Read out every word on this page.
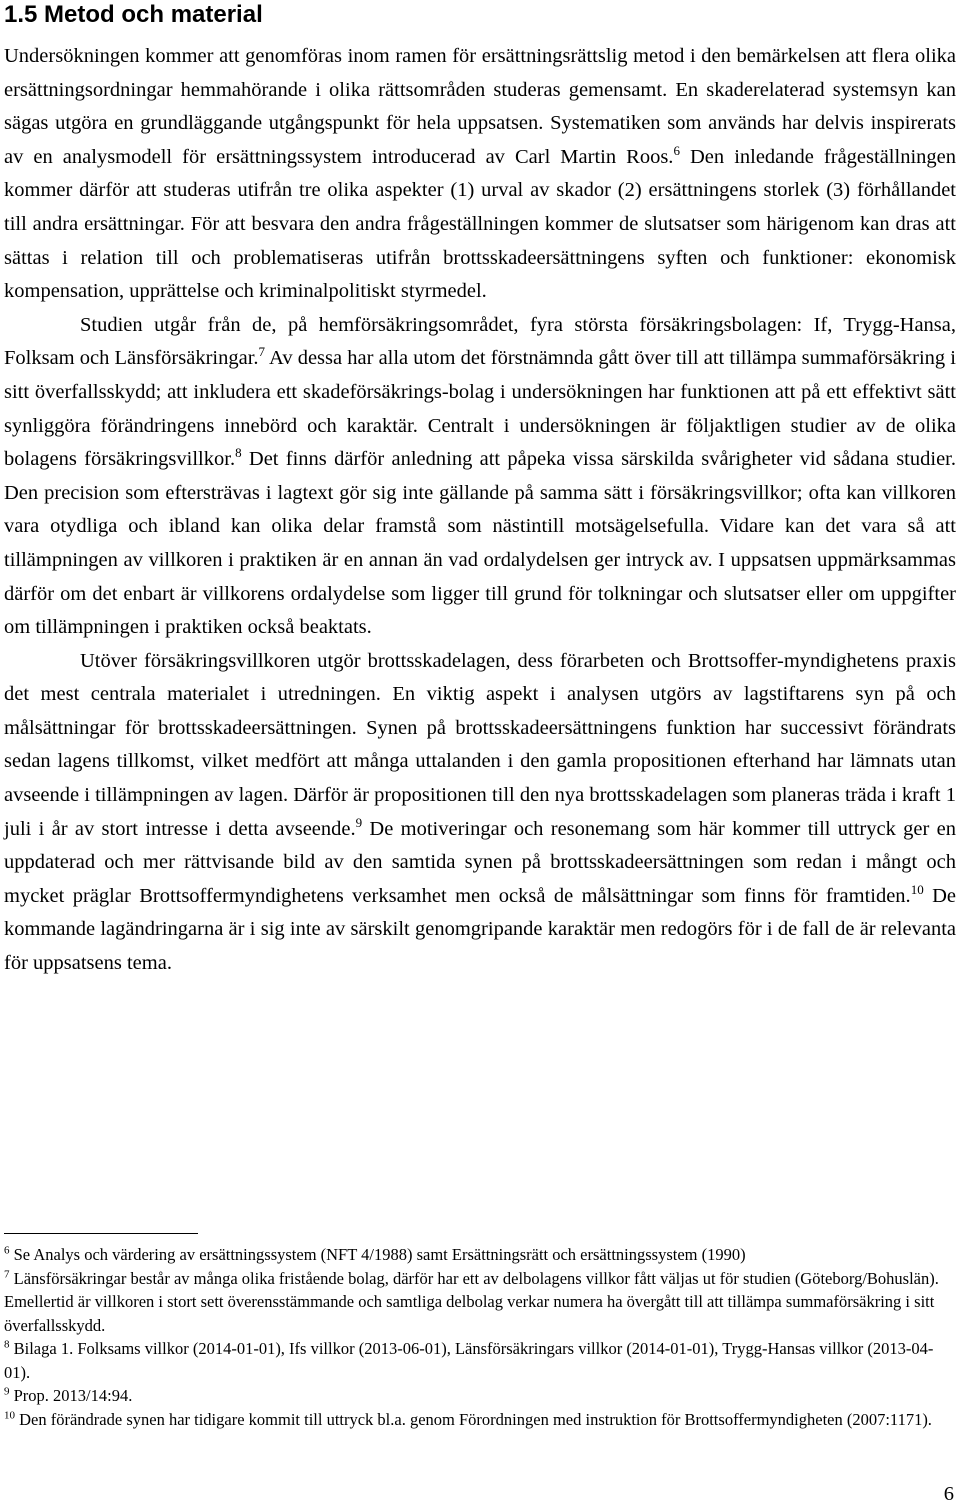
1.5 Metod och material

Undersökningen kommer att genomföras inom ramen för ersättningsrättslig metod i den bemärkelsen att flera olika ersättningsordningar hemmahörande i olika rättsområden studeras gemensamt. En skaderelaterad systemsyn kan sägas utgöra en grundläggande utgångspunkt för hela uppsatsen. Systematiken som används har delvis inspirerats av en analysmodell för ersättningssystem introducerad av Carl Martin Roos.$^6$ Den inledande frågeställningen kommer därför att studeras utifrån tre olika aspekter (1) urval av skador (2) ersättningens storlek (3) förhållandet till andra ersättningar. För att besvara den andra frågeställningen kommer de slutsatser som härigenom kan dras att sättas i relation till och problematiseras utifrån brottsskadeersättningens syften och funktioner: ekonomisk kompensation, upprättelse och kriminalpolitiskt styrmedel.

Studien utgår från de, på hemförsäkringsområdet, fyra största försäkringsbolagen: If, Trygg-Hansa, Folksam och Länsförsäkringar.$^7$ Av dessa har alla utom det förstnämnda gått över till att tillämpa summaförsäkring i sitt överfallsskydd; att inkludera ett skadeförsäkrings-bolag i undersökningen har funktionen att på ett effektivt sätt synliggöra förändringens innebörd och karaktär. Centralt i undersökningen är följaktligen studier av de olika bolagens försäkringsvillkor.$^8$ Det finns därför anledning att påpeka vissa särskilda svårigheter vid sådana studier. Den precision som eftersträvas i lagtext gör sig inte gällande på samma sätt i försäkringsvillkor; ofta kan villkoren vara otydliga och ibland kan olika delar framstå som nästintill motsägelsefulla. Vidare kan det vara så att tillämpningen av villkoren i praktiken är en annan än vad ordalydelsen ger intryck av. I uppsatsen uppmärksammas därför om det enbart är villkorens ordalydelse som ligger till grund för tolkningar och slutsatser eller om uppgifter om tillämpningen i praktiken också beaktats.

Utöver försäkringsvillkoren utgör brottsskadelagen, dess förarbeten och Brottsoffer-myndighetens praxis det mest centrala materialet i utredningen. En viktig aspekt i analysen utgörs av lagstiftarens syn på och målsättningar för brottsskadeersättningen. Synen på brottsskadeersättningens funktion har successivt förändrats sedan lagens tillkomst, vilket medfört att många uttalanden i den gamla propositionen efterhand har lämnats utan avseende i tillämpningen av lagen. Därför är propositionen till den nya brottsskadelagen som planeras träda i kraft 1 juli i år av stort intresse i detta avseende.$^9$ De motiveringar och resonemang som här kommer till uttryck ger en uppdaterad och mer rättvisande bild av den samtida synen på brottsskadeersättningen som redan i mångt och mycket präglar Brottsoffermyndighetens verksamhet men också de målsättningar som finns för framtiden.$^{10}$ De kommande lagändringarna är i sig inte av särskilt genomgripande karaktär men redogörs för i de fall de är relevanta för uppsatsens tema.

$^6$ Se Analys och värdering av ersättningssystem (NFT 4/1988) samt Ersättningsrätt och ersättningssystem (1990)

$^7$ Länsförsäkringar består av många olika fristående bolag, därför har ett av delbolagens villkor fått väljas ut för studien (Göteborg/Bohuslän). Emellertid är villkoren i stort sett överensstämmande och samtliga delbolag verkar numera ha övergått till att tillämpa summaförsäkring i sitt överfallsskydd.

$^8$ Bilaga 1. Folksams villkor (2014-01-01), Ifs villkor (2013-06-01), Länsförsäkringars villkor (2014-01-01), Trygg-Hansas villkor (2013-04-01).

$^9$ Prop. 2013/14:94.

$^{10}$ Den förändrade synen har tidigare kommit till uttryck bl.a. genom Förordningen med instruktion för Brottsoffermyndigheten (2007:1171).

6
